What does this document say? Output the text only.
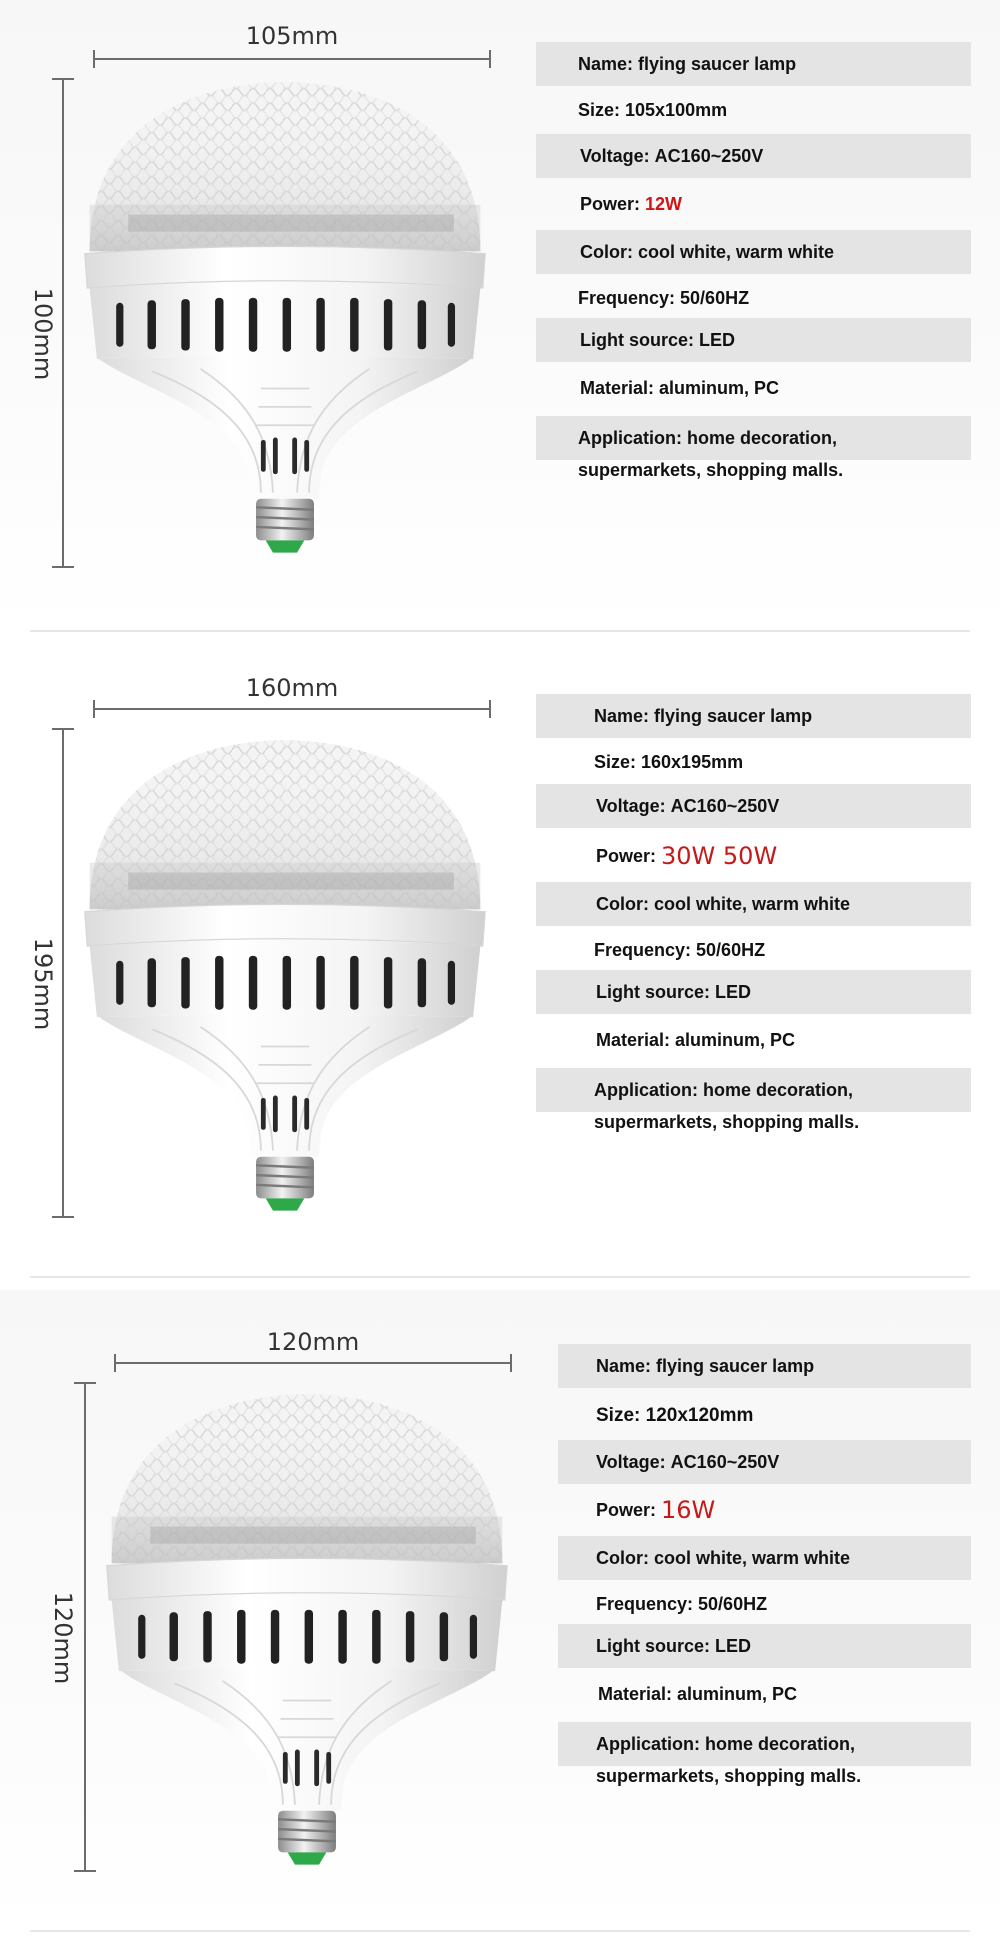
105mm
100mm
Name: flying saucer lamp
Size: 105x100mm
Voltage: AC160~250V
Power: 12W
Color: cool white, warm white
Frequency: 50/60HZ
Light source: LED
Material: aluminum, PC
Application: home decoration,
supermarkets, shopping malls.
160mm
195mm
Name: flying saucer lamp
Size: 160x195mm
Voltage: AC160~250V
Power: 30W 50W
Color: cool white, warm white
Frequency: 50/60HZ
Light source: LED
Material: aluminum, PC
Application: home decoration,
supermarkets, shopping malls.
120mm
120mm
Name: flying saucer lamp
Size: 120x120mm
Voltage: AC160~250V
Power: 16W
Color: cool white, warm white
Frequency: 50/60HZ
Light source: LED
Material: aluminum, PC
Application: home decoration,
supermarkets, shopping malls.
